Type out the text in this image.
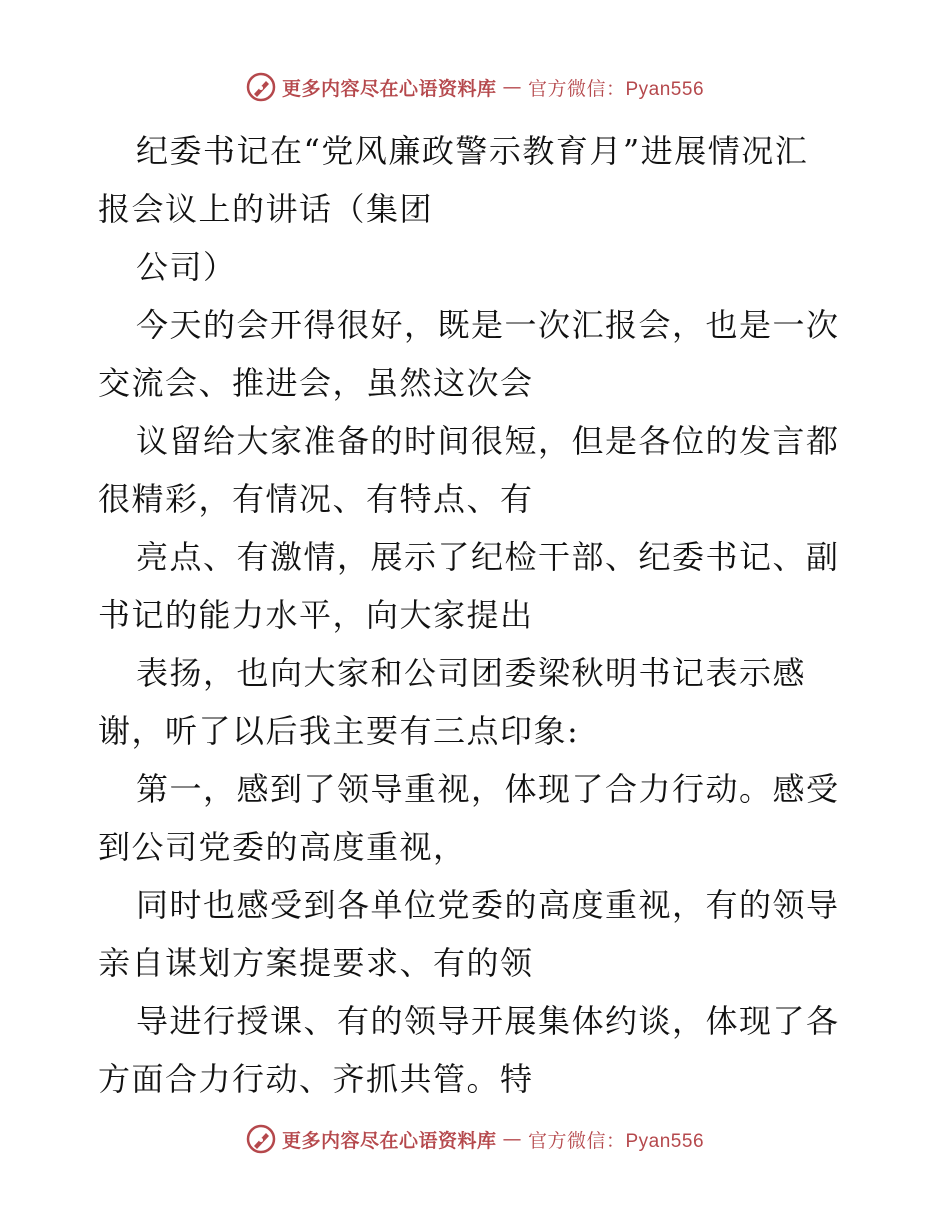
更多内容尽在心语资料库 — 官方微信：Pyan556
纪委书记在“党风廉政警示教育月”进展情况汇
报会议上的讲话（集团
公司）
今天的会开得很好，既是一次汇报会，也是一次
交流会、推进会，虽然这次会
议留给大家准备的时间很短，但是各位的发言都
很精彩，有情况、有特点、有
亮点、有激情，展示了纪检干部、纪委书记、副
书记的能力水平，向大家提出
表扬，也向大家和公司团委梁秋明书记表示感
谢，听了以后我主要有三点印象:
第一，感到了领导重视，体现了合力行动。感受
到公司党委的高度重视，
同时也感受到各单位党委的高度重视，有的领导
亲自谋划方案提要求、有的领
导进行授课、有的领导开展集体约谈，体现了各
方面合力行动、齐抓共管。特
更多内容尽在心语资料库 — 官方微信：Pyan556
